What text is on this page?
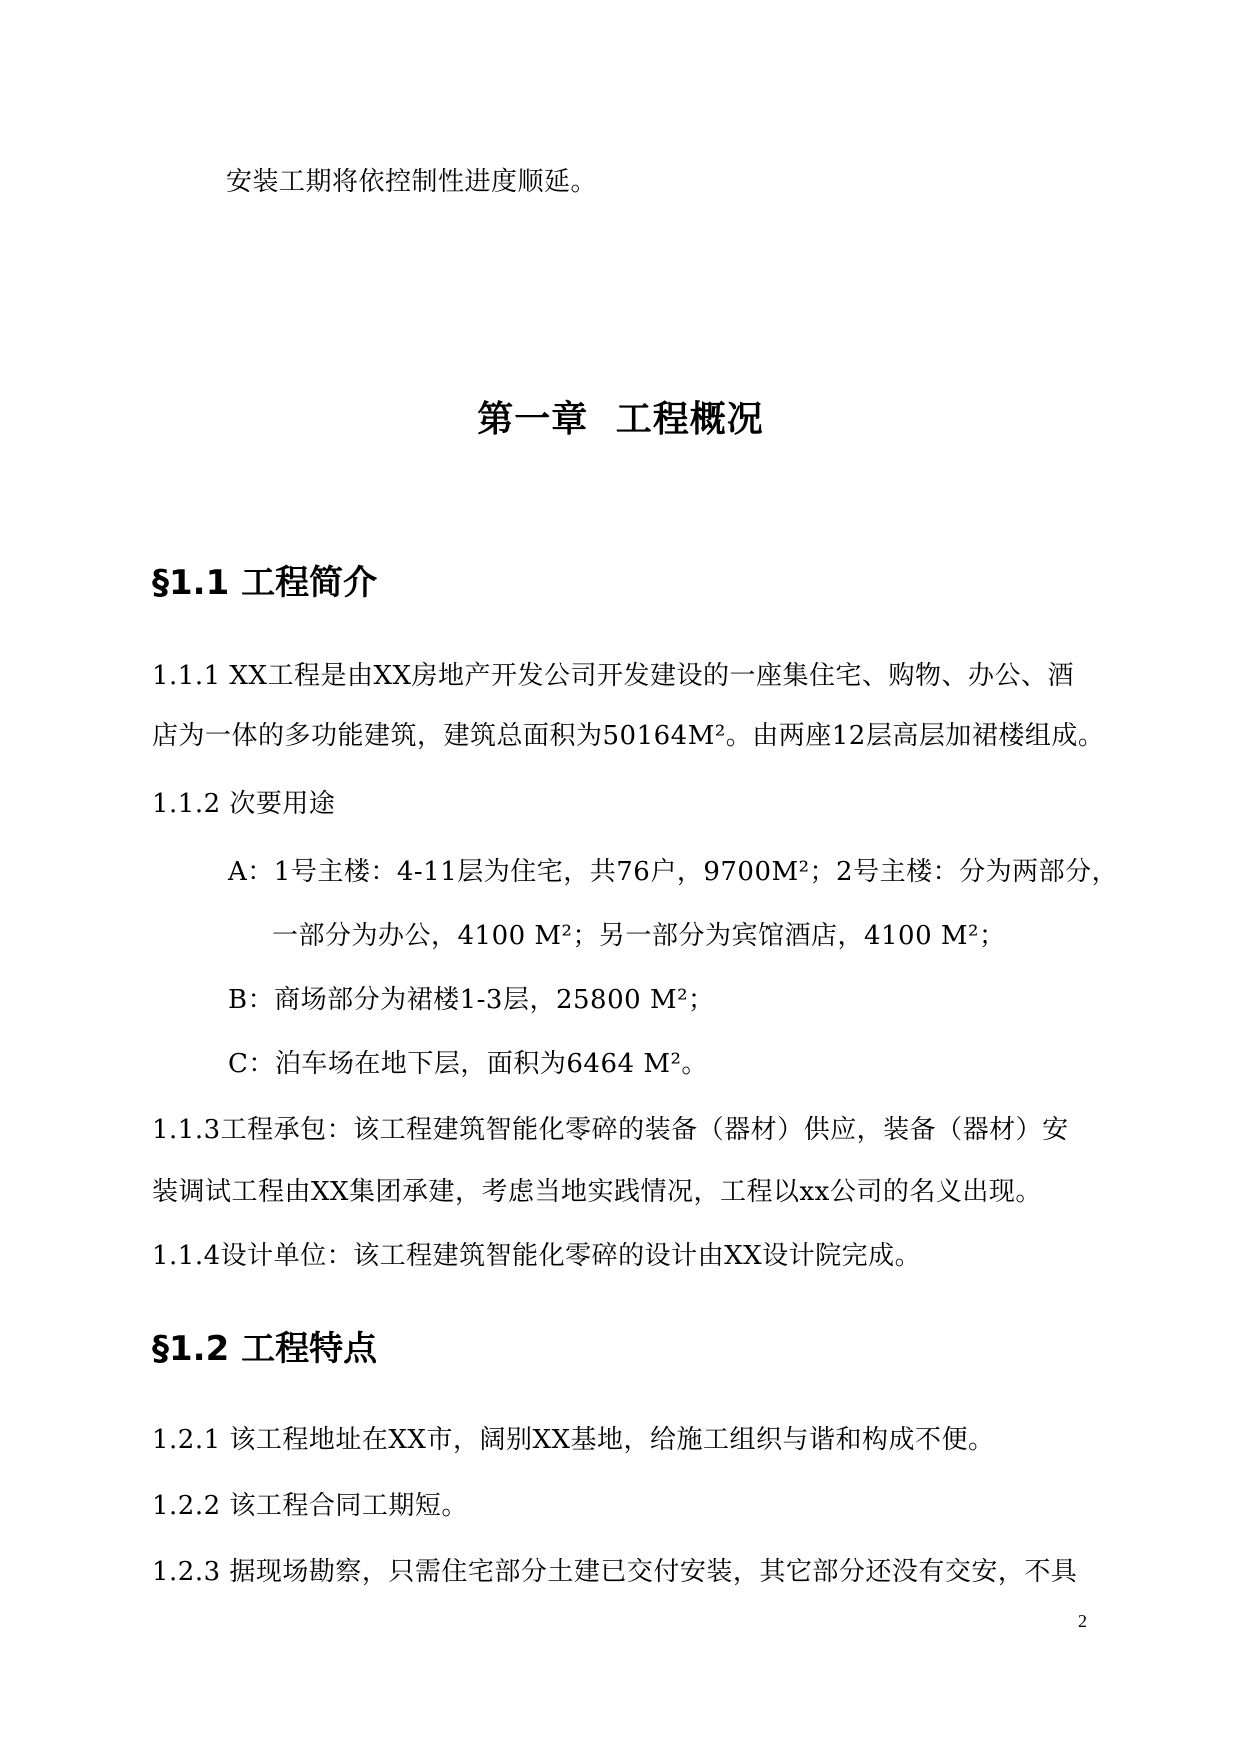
安装工期将依控制性进度顺延。
第一章 工程概况
§1.1 工程简介
1.1.1 XX工程是由XX房地产开发公司开发建设的一座集住宅、购物、办公、酒
店为一体的多功能建筑，建筑总面积为50164M²。由两座12层高层加裙楼组成。
1.1.2 次要用途
A：1号主楼：4-11层为住宅，共76户，9700M²；2号主楼：分为两部分，
一部分为办公，4100 M²；另一部分为宾馆酒店，4100 M²；
B：商场部分为裙楼1-3层，25800 M²；
C：泊车场在地下层，面积为6464 M²。
1.1.3工程承包：该工程建筑智能化零碎的装备（器材）供应，装备（器材）安
装调试工程由XX集团承建，考虑当地实践情况，工程以xx公司的名义出现。
1.1.4设计单位：该工程建筑智能化零碎的设计由XX设计院完成。
§1.2 工程特点
1.2.1 该工程地址在XX市，阔别XX基地，给施工组织与谐和构成不便。
1.2.2 该工程合同工期短。
1.2.3 据现场勘察，只需住宅部分土建已交付安装，其它部分还没有交安，不具
2
